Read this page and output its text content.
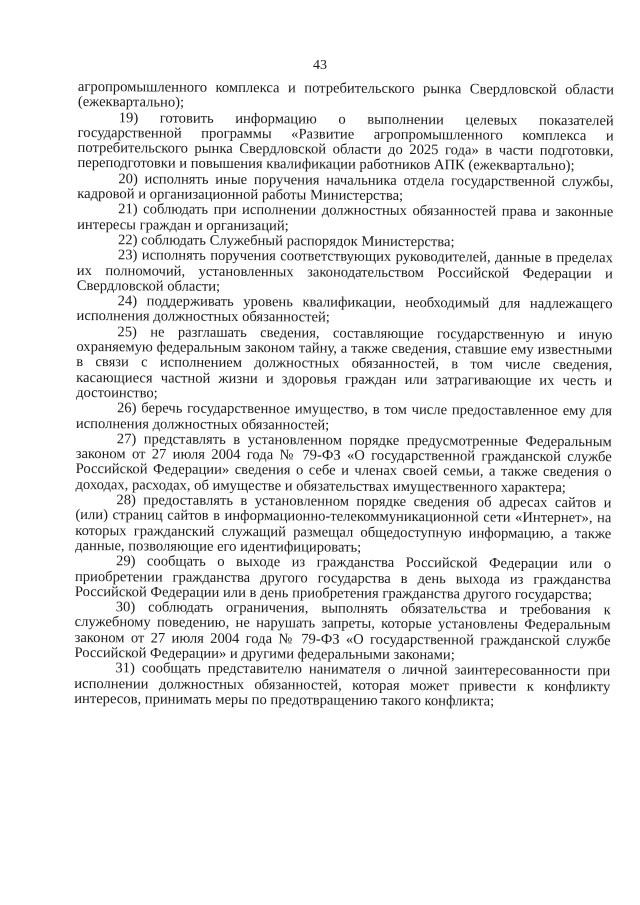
43

агропромышленного комплекса и потребительского рынка Свердловской области (ежеквартально);

19) готовить информацию о выполнении целевых показателей государственной программы «Развитие агропромышленного комплекса и потребительского рынка Свердловской области до 2025 года» в части подготовки, переподготовки и повышения квалификации работников АПК (ежеквартально);

20) исполнять иные поручения начальника отдела государственной службы, кадровой и организационной работы Министерства;

21) соблюдать при исполнении должностных обязанностей права и законные интересы граждан и организаций;

22) соблюдать Служебный распорядок Министерства;

23) исполнять поручения соответствующих руководителей, данные в пределах их полномочий, установленных законодательством Российской Федерации и Свердловской области;

24) поддерживать уровень квалификации, необходимый для надлежащего исполнения должностных обязанностей;

25) не разглашать сведения, составляющие государственную и иную охраняемую федеральным законом тайну, а также сведения, ставшие ему известными в связи с исполнением должностных обязанностей, в том числе сведения, касающиеся частной жизни и здоровья граждан или затрагивающие их честь и достоинство;

26) беречь государственное имущество, в том числе предоставленное ему для исполнения должностных обязанностей;

27) представлять в установленном порядке предусмотренные Федеральным законом от 27 июля 2004 года № 79-ФЗ «О государственной гражданской службе Российской Федерации» сведения о себе и членах своей семьи, а также сведения о доходах, расходах, об имуществе и обязательствах имущественного характера;

28) предоставлять в установленном порядке сведения об адресах сайтов и (или) страниц сайтов в информационно-телекоммуникационной сети «Интернет», на которых гражданский служащий размещал общедоступную информацию, а также данные, позволяющие его идентифицировать;

29) сообщать о выходе из гражданства Российской Федерации или о приобретении гражданства другого государства в день выхода из гражданства Российской Федерации или в день приобретения гражданства другого государства;

30) соблюдать ограничения, выполнять обязательства и требования к служебному поведению, не нарушать запреты, которые установлены Федеральным законом от 27 июля 2004 года № 79-ФЗ «О государственной гражданской службе Российской Федерации» и другими федеральными законами;

31) сообщать представителю нанимателя о личной заинтересованности при исполнении должностных обязанностей, которая может привести к конфликту интересов, принимать меры по предотвращению такого конфликта;
